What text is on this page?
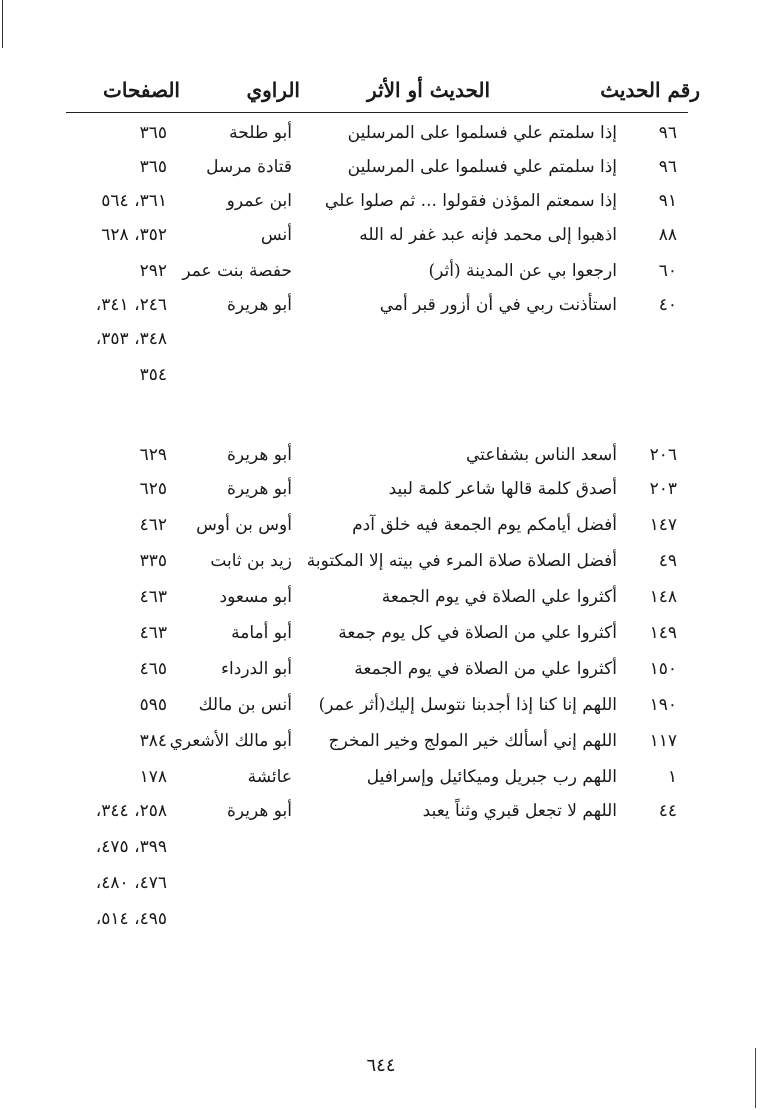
رقم الحديث
الحديث أو الأثر
الراوي
الصفحات
٩٦
إذا سلمتم علي فسلموا على المرسلين
أبو طلحة
٣٦٥
٩٦
إذا سلمتم علي فسلموا على المرسلين
قتادة مرسل
٣٦٥
٩١
إذا سمعتم المؤذن فقولوا ... ثم صلوا علي
ابن عمرو
٣٦١، ٥٦٤
٨٨
اذهبوا إلى محمد فإنه عبد غفر له الله
أنس
٣٥٢، ٦٢٨
٦٠
ارجعوا بي عن المدينة (أثر)
حفصة بنت عمر
٢٩٢
٤٠
استأذنت ربي في أن أزور قبر أمي
أبو هريرة
٢٤٦، ٣٤١،
٣٤٨، ٣٥٣،
٣٥٤
٢٠٦
أسعد الناس بشفاعتي
أبو هريرة
٦٢٩
٢٠٣
أصدق كلمة قالها شاعر كلمة لبيد
أبو هريرة
٦٢٥
١٤٧
أفضل أيامكم يوم الجمعة فيه خلق آدم
أوس بن أوس
٤٦٢
٤٩
أفضل الصلاة صلاة المرء في بيته إلا المكتوبة
زيد بن ثابت
٣٣٥
١٤٨
أكثروا علي الصلاة في يوم الجمعة
أبو مسعود
٤٦٣
١٤٩
أكثروا علي من الصلاة في كل يوم جمعة
أبو أمامة
٤٦٣
١٥٠
أكثروا علي من الصلاة في يوم الجمعة
أبو الدرداء
٤٦٥
١٩٠
اللهم إنا كنا إذا أجدبنا نتوسل إليك(أثر عمر)
أنس بن مالك
٥٩٥
١١٧
اللهم إني أسألك خير المولج وخير المخرج
أبو مالك الأشعري
٣٨٤
١
اللهم رب جبريل وميكائيل وإسرافيل
عائشة
١٧٨
٤٤
اللهم لا تجعل قبري وثناً يعبد
أبو هريرة
٢٥٨، ٣٤٤،
٣٩٩، ٤٧٥،
٤٧٦، ٤٨٠،
٤٩٥، ٥١٤،
٦٤٤
